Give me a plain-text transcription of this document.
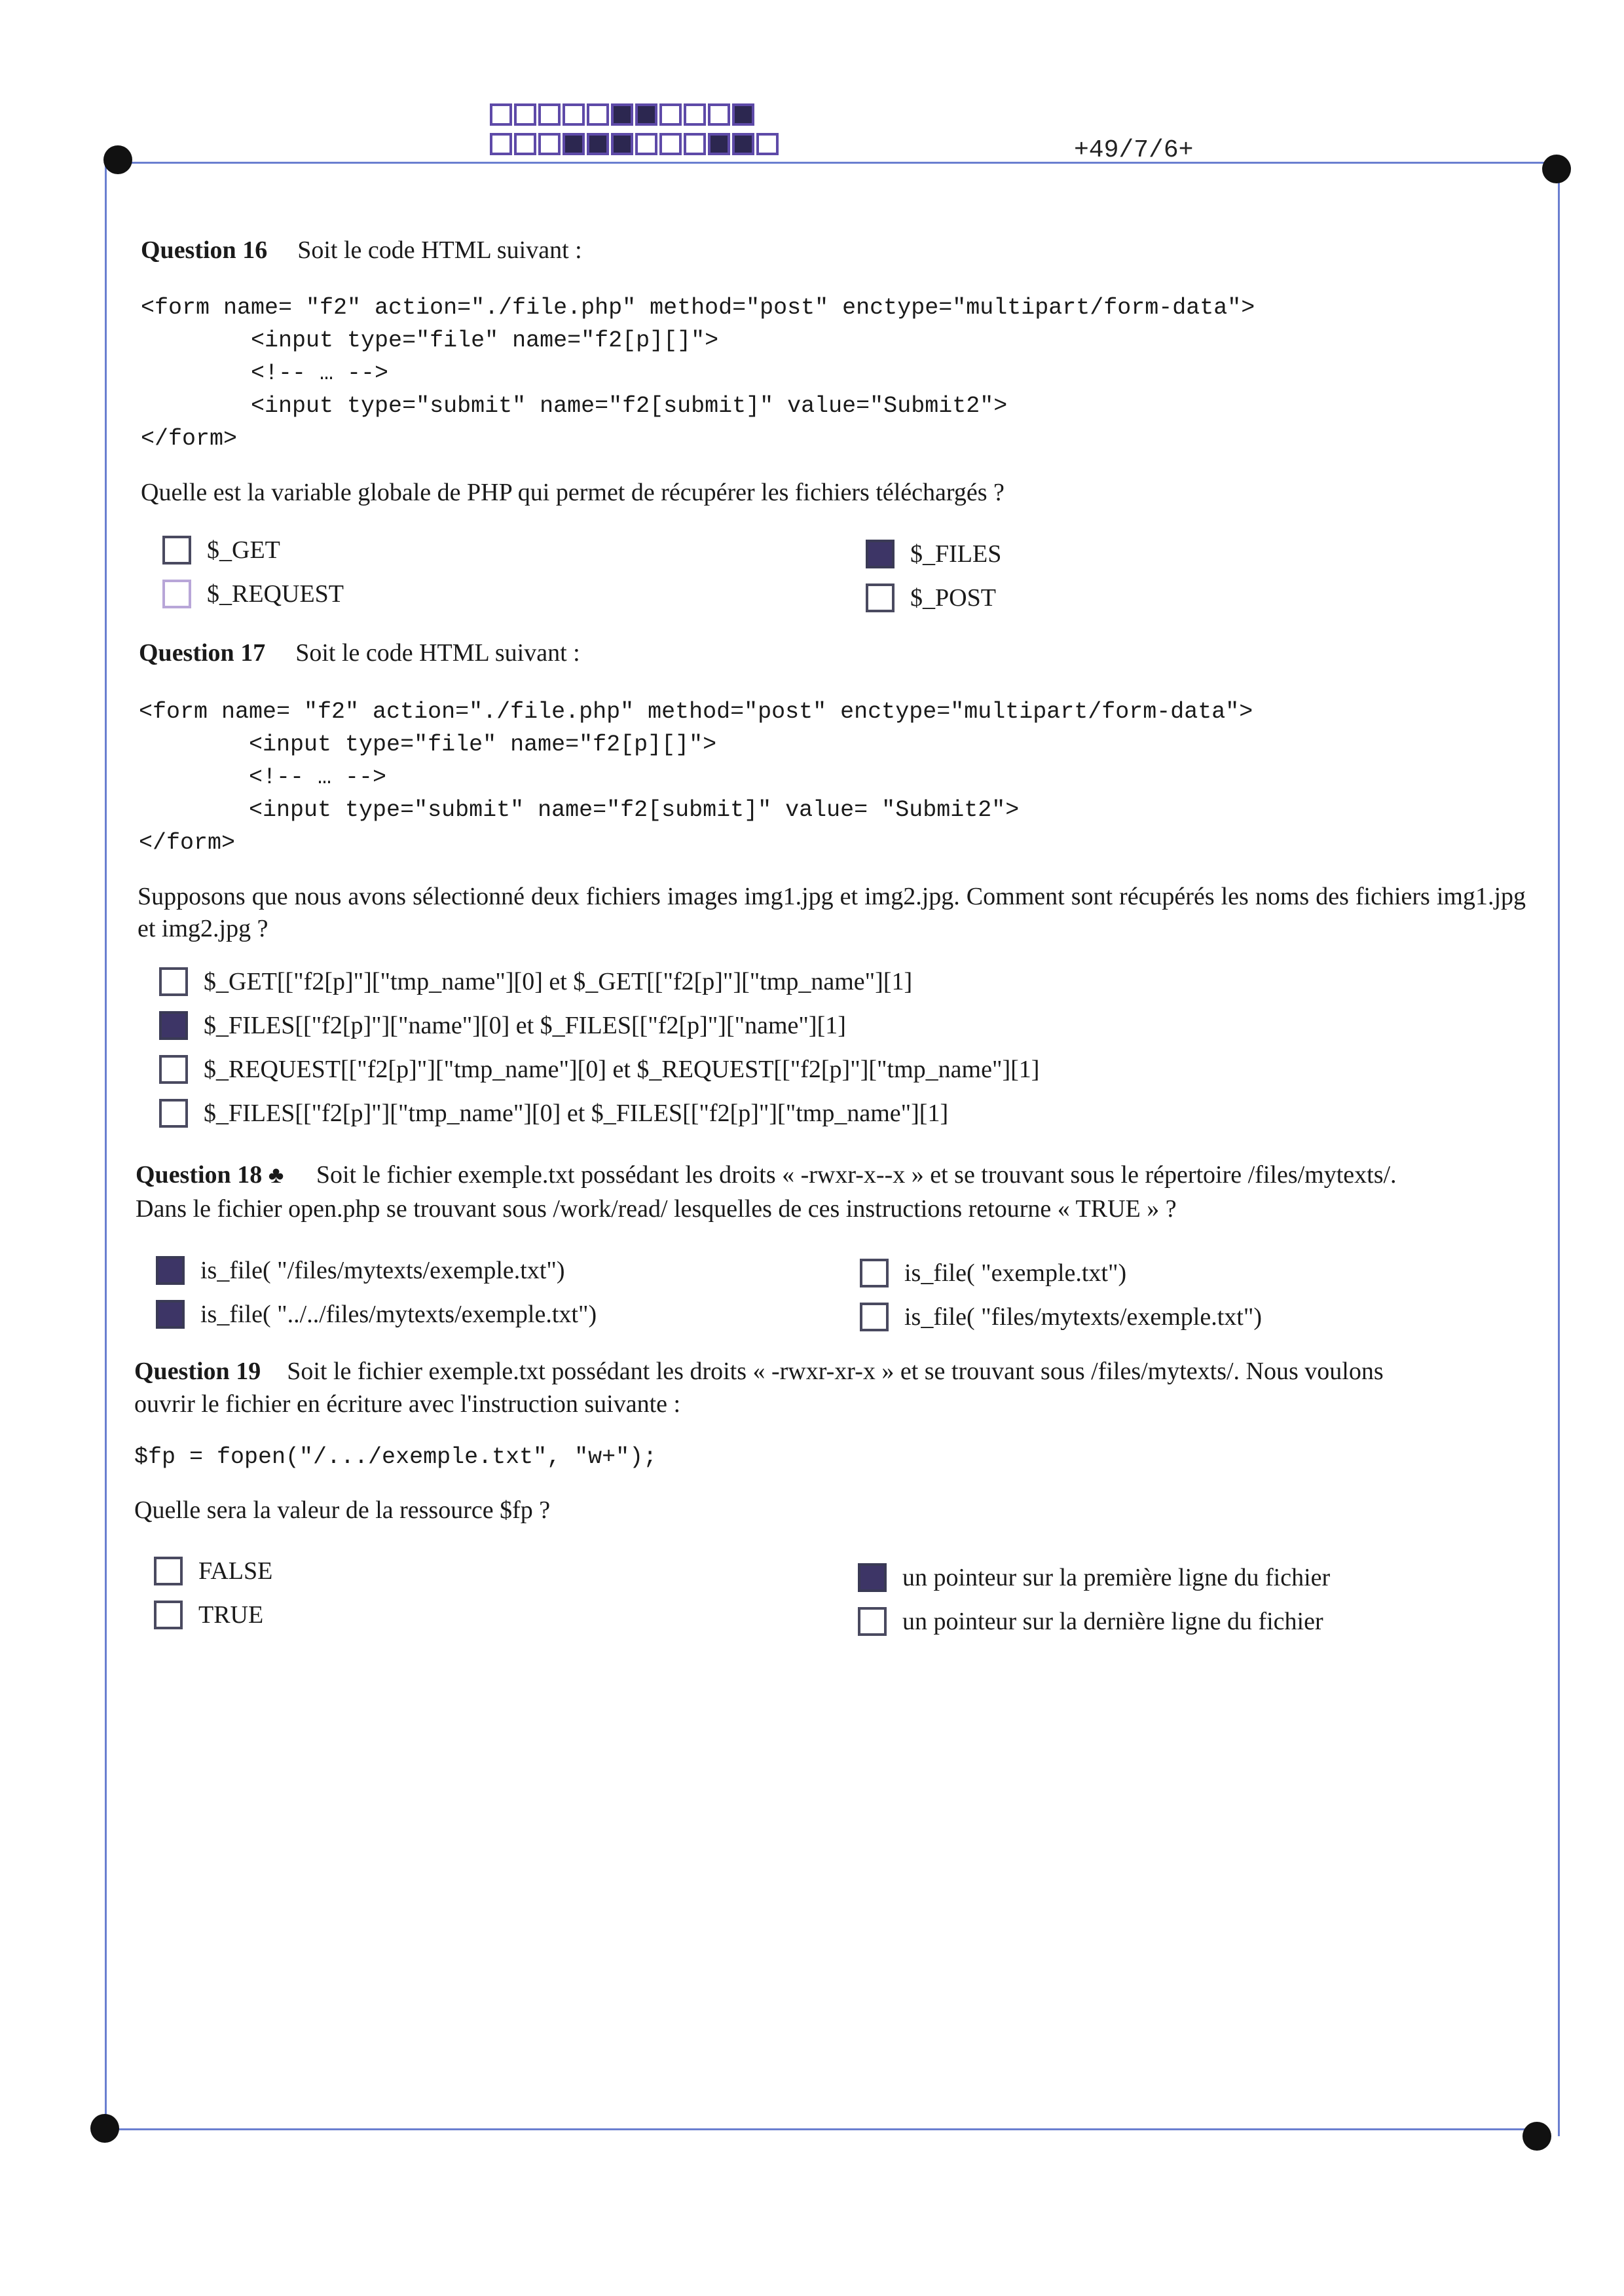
+49/7/6+
Question 16 Soit le code HTML suivant :
<form name= "f2" action="./file.php" method="post" enctype="multipart/form-data">
<input type="file" name="f2[p][]">
<!-- … -->
<input type="submit" name="f2[submit]" value="Submit2">
</form>
Quelle est la variable globale de PHP qui permet de récupérer les fichiers téléchargés ?
$_GET
$_REQUEST
$_FILES
$_POST
Question 17 Soit le code HTML suivant :
<form name= "f2" action="./file.php" method="post" enctype="multipart/form-data">
<input type="file" name="f2[p][]">
<!-- … -->
<input type="submit" name="f2[submit]" value= "Submit2">
</form>
Supposons que nous avons sélectionné deux fichiers images img1.jpg et img2.jpg. Comment sont récupérés les noms des fichiers img1.jpg et img2.jpg ?
$_GET[["f2[p]"]["tmp_name"][0] et $_GET[["f2[p]"]["tmp_name"][1]
$_FILES[["f2[p]"]["name"][0] et $_FILES[["f2[p]"]["name"][1]
$_REQUEST[["f2[p]"]["tmp_name"][0] et $_REQUEST[["f2[p]"]["tmp_name"][1]
$_FILES[["f2[p]"]["tmp_name"][0] et $_FILES[["f2[p]"]["tmp_name"][1]
Question 18 ♣ Soit le fichier exemple.txt possédant les droits « -rwxr-x--x » et se trouvant sous le répertoire /files/mytexts/.
Dans le fichier open.php se trouvant sous /work/read/ lesquelles de ces instructions retourne « TRUE » ?
is_file( "/files/mytexts/exemple.txt")
is_file( "../../files/mytexts/exemple.txt")
is_file( "exemple.txt")
is_file( "files/mytexts/exemple.txt")
Question 19 Soit le fichier exemple.txt possédant les droits « -rwxr-xr-x » et se trouvant sous /files/mytexts/. Nous voulons
ouvrir le fichier en écriture avec l'instruction suivante :
$fp = fopen("/.../exemple.txt", "w+");
Quelle sera la valeur de la ressource $fp ?
FALSE
TRUE
un pointeur sur la première ligne du fichier
un pointeur sur la dernière ligne du fichier
